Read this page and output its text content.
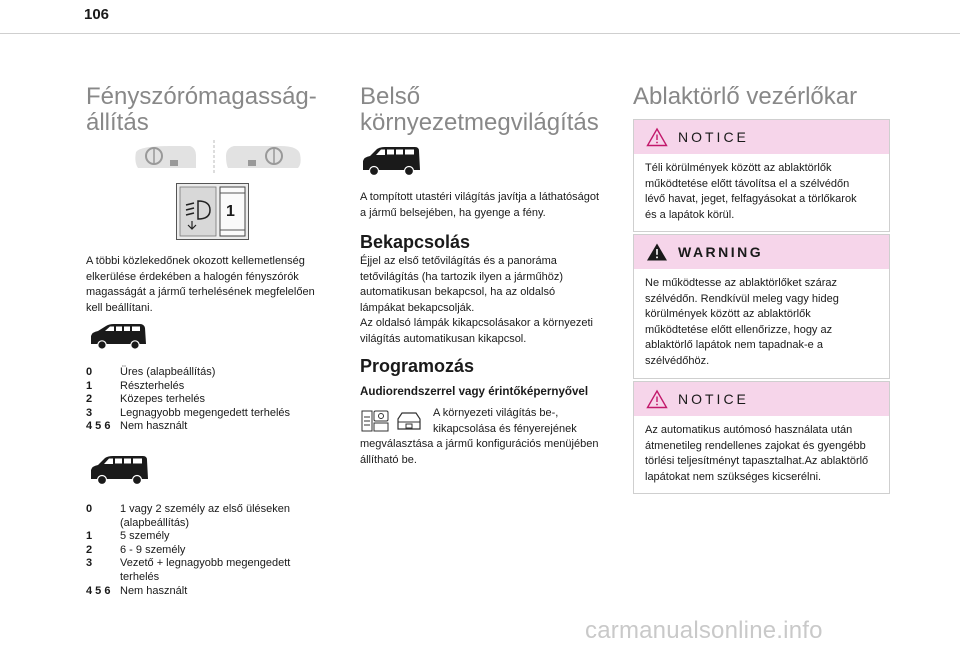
106
Fényszórómagasság-
állítás
1
A többi közlekedőnek okozott kellemetlenség
elkerülése érdekében a halogén fényszórók
magasságát a jármű terhelésének megfelelően
kell beállítani.
0	Üres (alapbeállítás)
1	Részterhelés
2	Közepes terhelés
3	Legnagyobb megengedett terhelés
4 5 6 Nem használt
0	1 vagy 2 személy az első üléseken
(alapbeállítás)
1	5 személy
2	6 - 9 személy
3	Vezető + legnagyobb megengedett
terhelés
4 5 6 Nem használt
Belső
környezetmegvilágítás
A tompított utastéri világítás javítja a láthatóságot
a jármű belsejében, ha gyenge a fény.
Bekapcsolás
Éjjel az első tetővilágítás és a panoráma
tetővilágítás (ha tartozik ilyen a járműhöz)
automatikusan bekapcsol, ha az oldalsó
lámpákat bekapcsolják.
Az oldalsó lámpák kikapcsolásakor a környezeti
világítás automatikusan kikapcsol.
Programozás
Audiorendszerrel vagy érintőképernyővel
A környezeti világítás be-,
kikapcsolása és fényerejének
megválasztása a jármű konfigurációs menüjében
állítható be.
Ablaktörlő vezérlőkar
NOTICE
Téli körülmények között az ablaktörlők
működtetése előtt távolítsa el a szélvédőn
lévő havat, jeget, felfagyásokat a törlőkarok
és a lapátok körül.
WARNING
Ne működtesse az ablaktörlőket száraz
szélvédőn. Rendkívül meleg vagy hideg
körülmények között az ablaktörlők
működtetése előtt ellenőrizze, hogy az
ablaktörlő lapátok nem tapadnak-e a
szélvédőhöz.
NOTICE
Az automatikus autómosó használata után
átmenetileg rendellenes zajokat és gyengébb
törlési teljesítményt tapasztalhat.Az ablaktörlő
lapátokat nem szükséges kicserélni.
carmanualsonline.info
